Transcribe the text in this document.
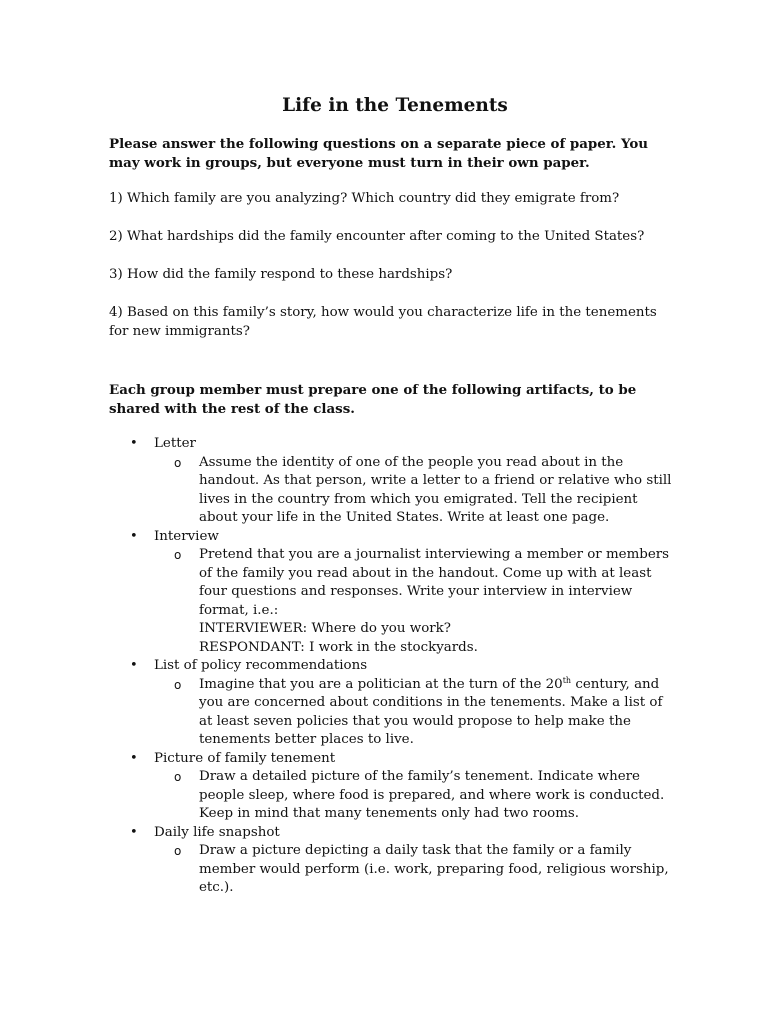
Life in the Tenements

Please answer the following questions on a separate piece of paper. You may work in groups, but everyone must turn in their own paper.

1) Which family are you analyzing? Which country did they emigrate from?

2) What hardships did the family encounter after coming to the United States?

3) How did the family respond to these hardships?

4) Based on this family’s story, how would you characterize life in the tenements for new immigrants?

Each group member must prepare one of the following artifacts, to be shared with the rest of the class.

• Letter
o Assume the identity of one of the people you read about in the handout. As that person, write a letter to a friend or relative who still lives in the country from which you emigrated. Tell the recipient about your life in the United States. Write at least one page.
• Interview
o Pretend that you are a journalist interviewing a member or members of the family you read about in the handout. Come up with at least four questions and responses. Write your interview in interview format, i.e.:
INTERVIEWER: Where do you work?
RESPONDANT: I work in the stockyards.
• List of policy recommendations
o Imagine that you are a politician at the turn of the 20th century, and you are concerned about conditions in the tenements. Make a list of at least seven policies that you would propose to help make the tenements better places to live.
• Picture of family tenement
o Draw a detailed picture of the family’s tenement. Indicate where people sleep, where food is prepared, and where work is conducted. Keep in mind that many tenements only had two rooms.
• Daily life snapshot
o Draw a picture depicting a daily task that the family or a family member would perform (i.e. work, preparing food, religious worship, etc.).
